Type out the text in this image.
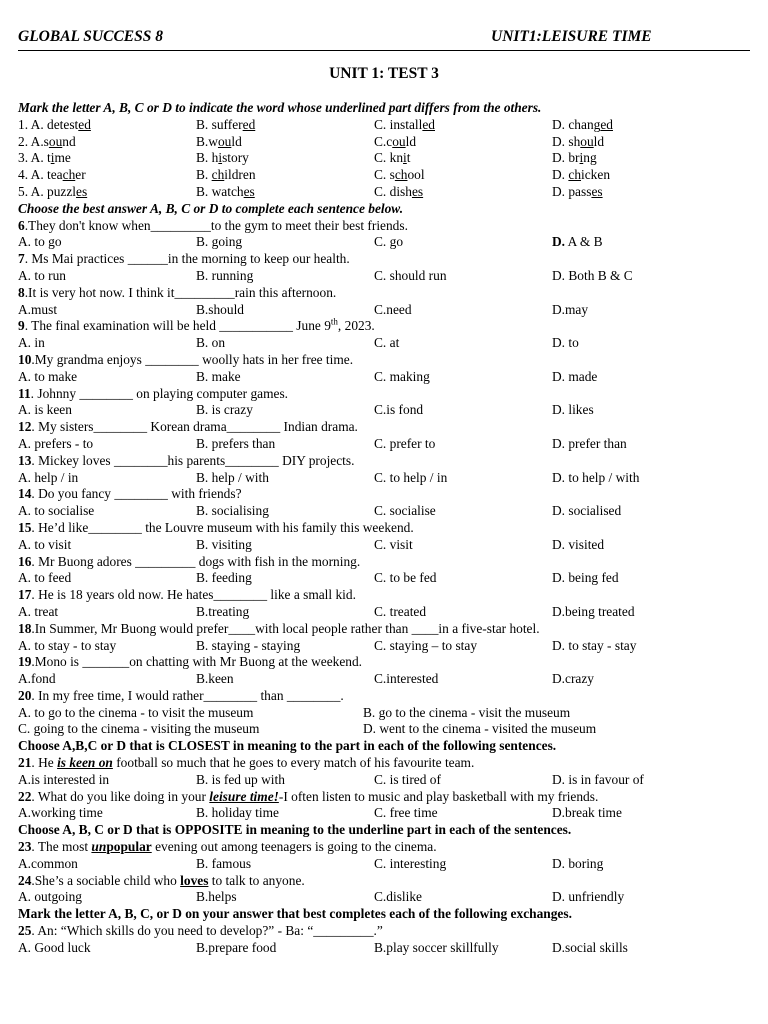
GLOBAL SUCCESS 8	UNIT1:LEISURE TIME
UNIT 1: TEST 3
Mark the letter A, B, C or D to indicate the word whose underlined part differs from the others.
1. A. detested	B. suffered	C. installed	D. changed
2. A.sound	B.would	C.could	D. should
3. A. time	B. history	C. knit	D. bring
4. A. teacher	B. children	C. school	D. chicken
5. A. puzzles	B. watches	C. dishes	D. passes
Choose the best answer A, B, C or D to complete each sentence below.
6.They don't know when_________to the gym to meet their best friends.
A. to go	B. going	C. go	D. A & B
7. Ms Mai practices ______in the morning to keep our health.
A. to run	B. running	C. should run	D. Both B & C
8.It is very hot now. I think it_________rain this afternoon.
A.must	B.should	C.need	D.may
9. The final examination will be held ___________ June 9th, 2023.
A. in	B. on	C. at	D. to
10.My grandma enjoys ________ woolly hats in her free time.
A. to make	B. make	C. making	D. made
11. Johnny ________ on playing computer games.
A. is keen	B. is crazy	C.is fond	D. likes
12. My sisters________ Korean drama________ Indian drama.
A. prefers - to	B. prefers than	C. prefer to	D. prefer than
13. Mickey loves ________his parents________ DIY projects.
A. help / in	B. help / with	C. to help / in	D. to help / with
14. Do you fancy ________ with friends?
A. to socialise	B. socialising	C. socialise	D. socialised
15. He’d like________ the Louvre museum with his family this weekend.
A. to visit	B. visiting	C. visit	D. visited
16. Mr Buong adores _________ dogs with fish in the morning.
A. to feed	B. feeding	C. to be fed	D. being fed
17. He is 18 years old now. He hates________ like a small kid.
A. treat	B.treating	C. treated	D.being treated
18.In Summer, Mr Buong would prefer____with local people rather than ____in a five-star hotel.
A. to stay - to stay	B. staying - staying	C. staying – to stay	D. to stay - stay
19.Mono is _______on chatting with Mr Buong at the weekend.
A.fond	B.keen	C.interested	D.crazy
20. In my free time, I would rather________ than ________.
A. to go to the cinema - to visit the museum	B. go to the cinema - visit the museum
C. going to the cinema - visiting the museum	D. went to the cinema - visited the museum
Choose A,B,C or D that is CLOSEST in meaning to the part in each of the following sentences.
21. He is keen on football so much that he goes to every match of his favourite team.
A.is interested in	B. is fed up with	C. is tired of	D. is in favour of
22. What do you like doing in your leisure time!-I often listen to music and play basketball with my friends.
A.working time	B. holiday time	C. free time	D.break time
Choose A, B, C or D that is OPPOSITE in meaning to the underline part in each of the sentences.
23. The most unpopular evening out among teenagers is going to the cinema.
A.common	B. famous	C. interesting	D. boring
24.She’s a sociable child who loves to talk to anyone.
A. outgoing	B.helps	C.dislike	D. unfriendly
Mark the letter A, B, C, or D on your answer that best completes each of the following exchanges.
25. An: “Which skills do you need to develop?” - Ba: “_________.”
A. Good luck	B.prepare food	B.play soccer skillfully	D.social skills
